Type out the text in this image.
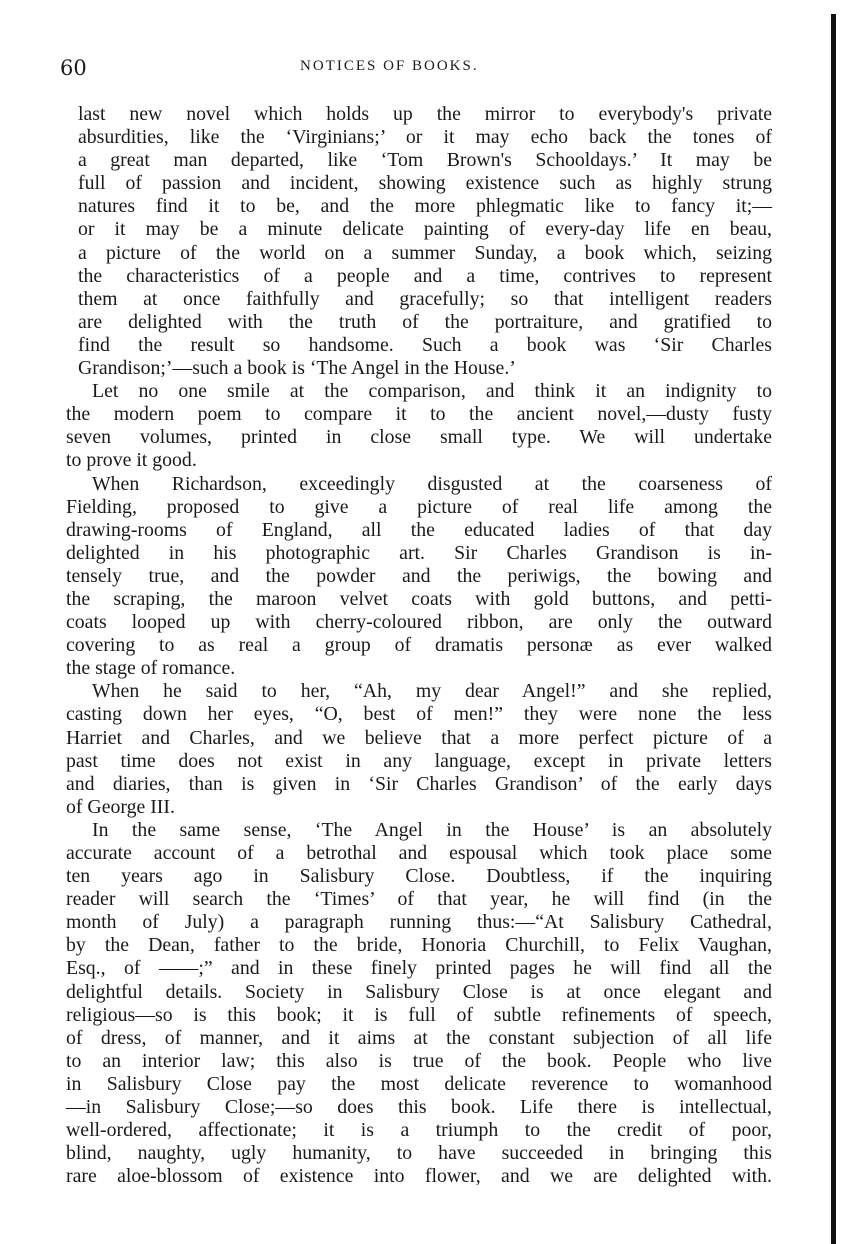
60	NOTICES OF BOOKS.
last new novel which holds up the mirror to everybody's private
absurdities, like the ‘Virginians;’ or it may echo back the tones of
a great man departed, like ‘Tom Brown's Schooldays.’ It may be
full of passion and incident, showing existence such as highly strung
natures find it to be, and the more phlegmatic like to fancy it;—
or it may be a minute delicate painting of every-day life en beau,
a picture of the world on a summer Sunday, a book which, seizing
the characteristics of a people and a time, contrives to represent
them at once faithfully and gracefully; so that intelligent readers
are delighted with the truth of the portraiture, and gratified to
find the result so handsome. Such a book was ‘Sir Charles
Grandison;’—such a book is ‘The Angel in the House.’
Let no one smile at the comparison, and think it an indignity to
the modern poem to compare it to the ancient novel,—dusty fusty
seven volumes, printed in close small type. We will undertake
to prove it good.
When Richardson, exceedingly disgusted at the coarseness of
Fielding, proposed to give a picture of real life among the
drawing-rooms of England, all the educated ladies of that day
delighted in his photographic art. Sir Charles Grandison is in-
tensely true, and the powder and the periwigs, the bowing and
the scraping, the maroon velvet coats with gold buttons, and petti-
coats looped up with cherry-coloured ribbon, are only the outward
covering to as real a group of dramatis personæ as ever walked
the stage of romance.
When he said to her, “Ah, my dear Angel!” and she replied,
casting down her eyes, “O, best of men!” they were none the less
Harriet and Charles, and we believe that a more perfect picture of a
past time does not exist in any language, except in private letters
and diaries, than is given in ‘Sir Charles Grandison’ of the early days
of George III.
In the same sense, ‘The Angel in the House’ is an absolutely
accurate account of a betrothal and espousal which took place some
ten years ago in Salisbury Close. Doubtless, if the inquiring
reader will search the ‘Times’ of that year, he will find (in the
month of July) a paragraph running thus:—“At Salisbury Cathedral,
by the Dean, father to the bride, Honoria Churchill, to Felix Vaughan,
Esq., of ——;” and in these finely printed pages he will find all the
delightful details. Society in Salisbury Close is at once elegant and
religious—so is this book; it is full of subtle refinements of speech,
of dress, of manner, and it aims at the constant subjection of all life
to an interior law; this also is true of the book. People who live
in Salisbury Close pay the most delicate reverence to womanhood
—in Salisbury Close;—so does this book. Life there is intellectual,
well-ordered, affectionate; it is a triumph to the credit of poor,
blind, naughty, ugly humanity, to have succeeded in bringing this
rare aloe-blossom of existence into flower, and we are delighted with.
